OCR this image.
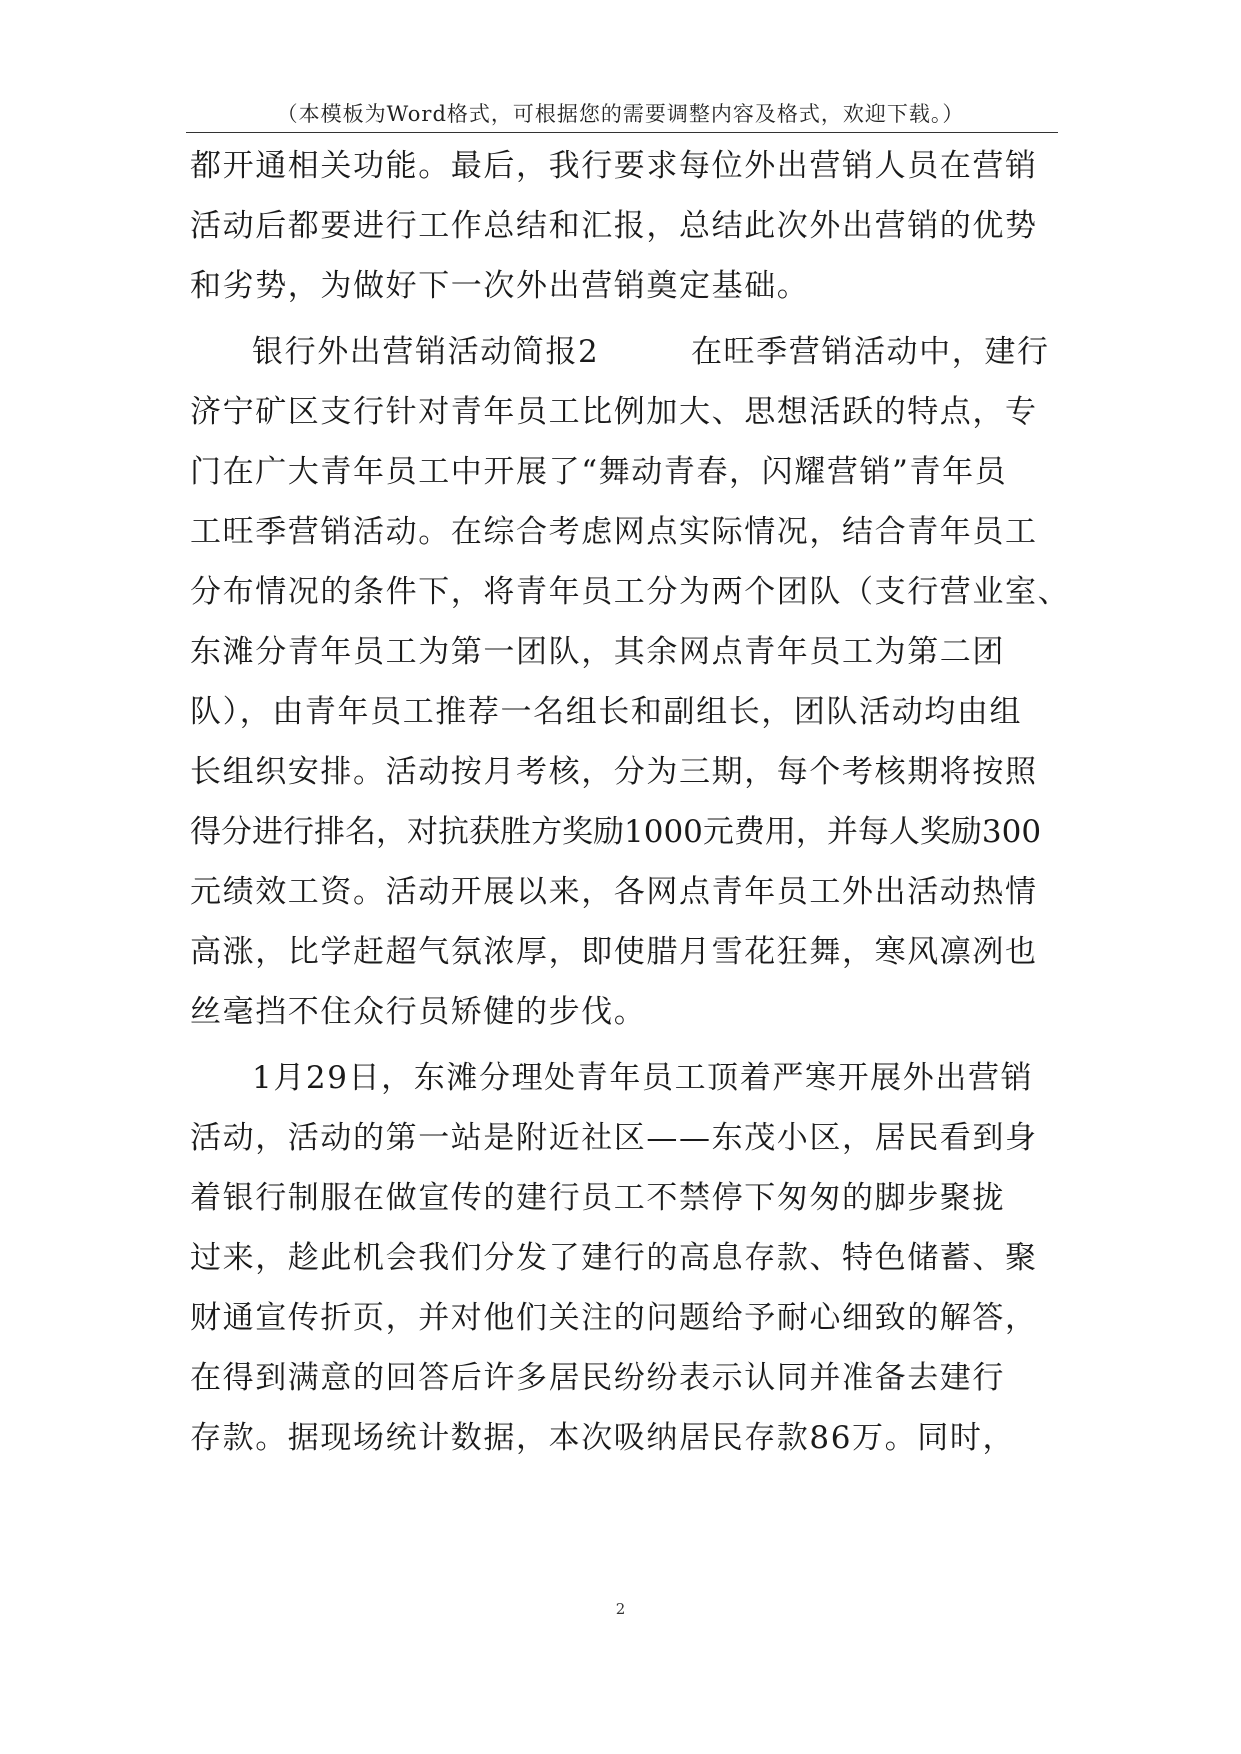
（本模板为Word格式，可根据您的需要调整内容及格式，欢迎下载。）
都开通相关功能。最后，我行要求每位外出营销人员在营销
活动后都要进行工作总结和汇报，总结此次外出营销的优势
和劣势，为做好下一次外出营销奠定基础。
银行外出营销活动简报2        在旺季营销活动中，建行
济宁矿区支行针对青年员工比例加大、思想活跃的特点，专
门在广大青年员工中开展了“舞动青春，闪耀营销”青年员
工旺季营销活动。在综合考虑网点实际情况，结合青年员工
分布情况的条件下，将青年员工分为两个团队（支行营业室、
东滩分青年员工为第一团队，其余网点青年员工为第二团
队），由青年员工推荐一名组长和副组长，团队活动均由组
长组织安排。活动按月考核，分为三期，每个考核期将按照
得分进行排名，对抗获胜方奖励1000元费用，并每人奖励300
元绩效工资。活动开展以来，各网点青年员工外出活动热情
高涨，比学赶超气氛浓厚，即使腊月雪花狂舞，寒风凛冽也
丝毫挡不住众行员矫健的步伐。
1月29日，东滩分理处青年员工顶着严寒开展外出营销
活动，活动的第一站是附近社区——东茂小区，居民看到身
着银行制服在做宣传的建行员工不禁停下匆匆的脚步聚拢
过来，趁此机会我们分发了建行的高息存款、特色储蓄、聚
财通宣传折页，并对他们关注的问题给予耐心细致的解答，
在得到满意的回答后许多居民纷纷表示认同并准备去建行
存款。据现场统计数据，本次吸纳居民存款86万。同时，
2
